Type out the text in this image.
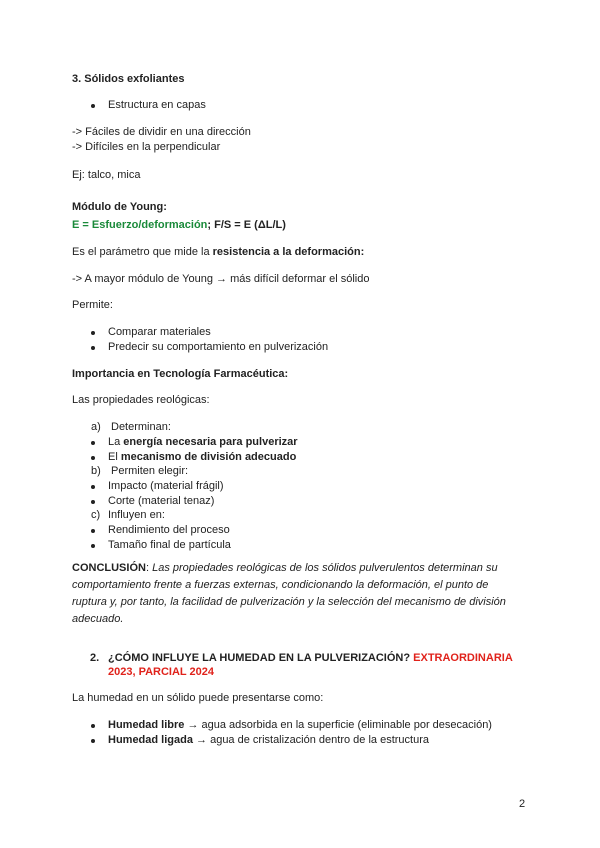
3. Sólidos exfoliantes
Estructura en capas
-> Fáciles de dividir en una dirección
-> Difíciles en la perpendicular
Ej: talco, mica
Módulo de Young:
E = Esfuerzo/deformación; F/S = E (ΔL/L)
Es el parámetro que mide la resistencia a la deformación:
-> A mayor módulo de Young → más difícil deformar el sólido
Permite:
Comparar materiales
Predecir su comportamiento en pulverización
Importancia en Tecnología Farmacéutica:
Las propiedades reológicas:
a) Determinan:
La energía necesaria para pulverizar
El mecanismo de división adecuado
b) Permiten elegir:
Impacto (material frágil)
Corte (material tenaz)
c) Influyen en:
Rendimiento del proceso
Tamaño final de partícula
CONCLUSIÓN: Las propiedades reológicas de los sólidos pulverulentos determinan su
comportamiento frente a fuerzas externas, condicionando la deformación, el punto de
ruptura y, por tanto, la facilidad de pulverización y la selección del mecanismo de división
adecuado.
2. ¿CÓMO INFLUYE LA HUMEDAD EN LA PULVERIZACIÓN? EXTRAORDINARIA
2023, PARCIAL 2024
La humedad en un sólido puede presentarse como:
Humedad libre → agua adsorbida en la superficie (eliminable por desecación)
Humedad ligada → agua de cristalización dentro de la estructura
2
